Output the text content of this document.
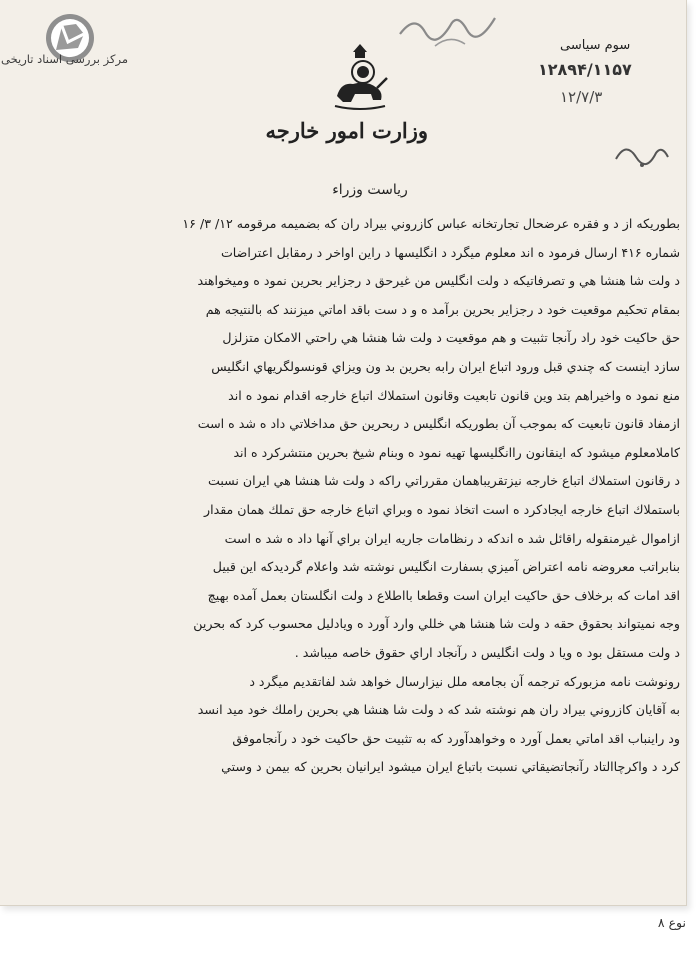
مرکز بررسی اسناد تاریخی
سوم سیاسی
۱۲۸۹۴/۱۱۵۷
۱۲/۷/۳
وزارت امور خارجه
رياست وزراء
بطوريكه از د و فقره عرضحال تجارتخانه عباس كازروني بيراد ران كه بضميمه مرقومه ۱۲/ ۳/ ۱۶
شماره ۴۱۶ ارسال فرمود ه اند معلوم ميگرد د انگليسها د راين اواخر د رمقابل اعتراضات
د ولت شا هنشا هي و تصرفاتيكه د ولت انگليس من غيرحق د رجزاير بحرين نمود ه وميخواهند
بمقام تحكيم موقعيت خود د رجزاير بحرين برآمد ه و د ست باقد اماتي ميزنند كه بالنتيجه هم
حق حاكيت خود راد رآنجا تثبيت و هم موقعيت د ولت شا هنشا هي راحتي الامكان متزلزل
سازد اينست كه چندي قبل ورود اتباع ايران رابه بحرين بد ون ويزاي قونسولگريهاي انگليس
منع نمود ه واخيراهم بتد وين قانون تابعيت وقانون استملاك اتباع خارجه اقدام نمود ه اند
ازمفاد قانون تابعيت كه بموجب آن بطوريكه انگليس د ربحرين حق مداخلاتي داد ه شد ه است
كاملامعلوم ميشود كه اينقانون راانگليسها تهيه نمود ه وبنام شيخ بحرين منتشركرد ه اند
د رقانون استملاك اتباع خارجه نيزتقريباهمان مقرراتي راكه د ولت شا هنشا هي ايران نسبت
باستملاك اتباع خارجه ايجادكرد ه است اتخاذ نمود ه وبراي اتباع خارجه حق تملك همان مقدار
ازاموال غيرمنقوله راقائل شد ه اندكه د رنظامات جاريه ايران براي آنها داد ه شد ه است
بنابراتب معروضه نامه اعتراض آميزي بسفارت انگليس نوشته شد واعلام گرديدكه اين قبيل
اقد امات كه برخلاف حق حاكيت ايران است وقطعا بااطلاع د ولت انگلستان بعمل آمده بهيچ
وجه نميتواند بحقوق حقه د ولت شا هنشا هي خللي وارد آورد ه ويادليل محسوب كرد كه بحرين
د ولت مستقل بود ه ويا د ولت انگليس د رآنجاد اراي حقوق خاصه ميباشد .
رونوشت نامه مزبوركه ترجمه آن بجامعه ملل نيزارسال خواهد شد لفاتقديم ميگرد د
به آقايان كازروني بيراد ران هم نوشته شد كه د ولت شا هنشا هي بحرين راملك خود ميد انسد
ود راينباب اقد اماتي بعمل آورد ه وخواهدآورد كه به تثبيت حق حاكيت خود د رآنجاموفق
كرد د واكرچاالتاد رآنجاتضيقاتي نسبت باتباع ايران ميشود ايرانيان بحرين كه بيمن د وستي
نوع ۸
